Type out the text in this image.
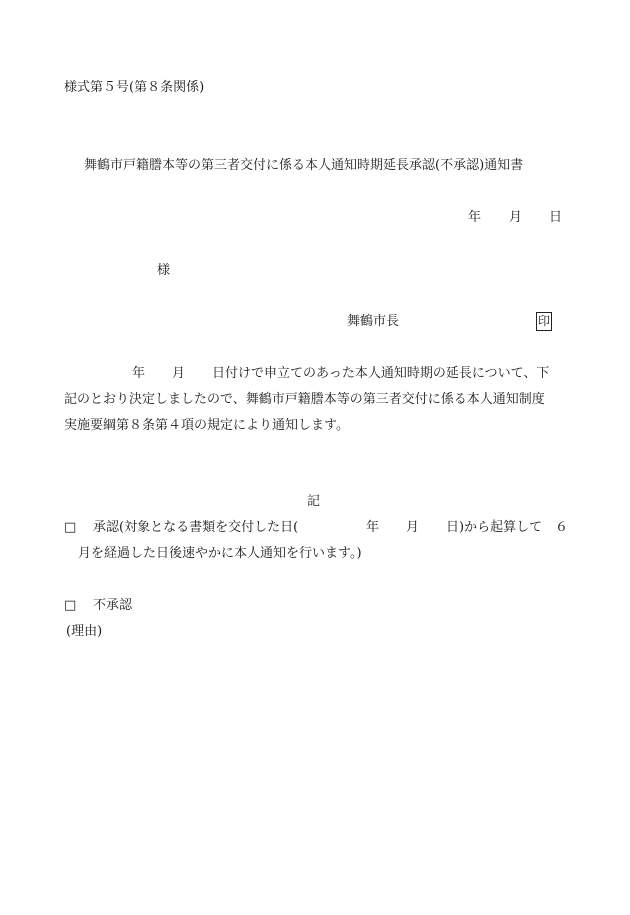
様式第５号(第８条関係)
舞鶴市戸籍謄本等の第三者交付に係る本人通知時期延長承認(不承認)通知書
年 月 日
様
舞鶴市長	印
年 月 日付けで申立てのあった本人通知時期の延長について、下
記のとおり決定しましたので、舞鶴市戸籍謄本等の第三者交付に係る本人通知制度
実施要綱第８条第４項の規定により通知します。
記
□ 承認(対象となる書類を交付した日(	年 月 日)から起算して ６
月を経過した日後速やかに本人通知を行います。)
□ 不承認
(理由)
